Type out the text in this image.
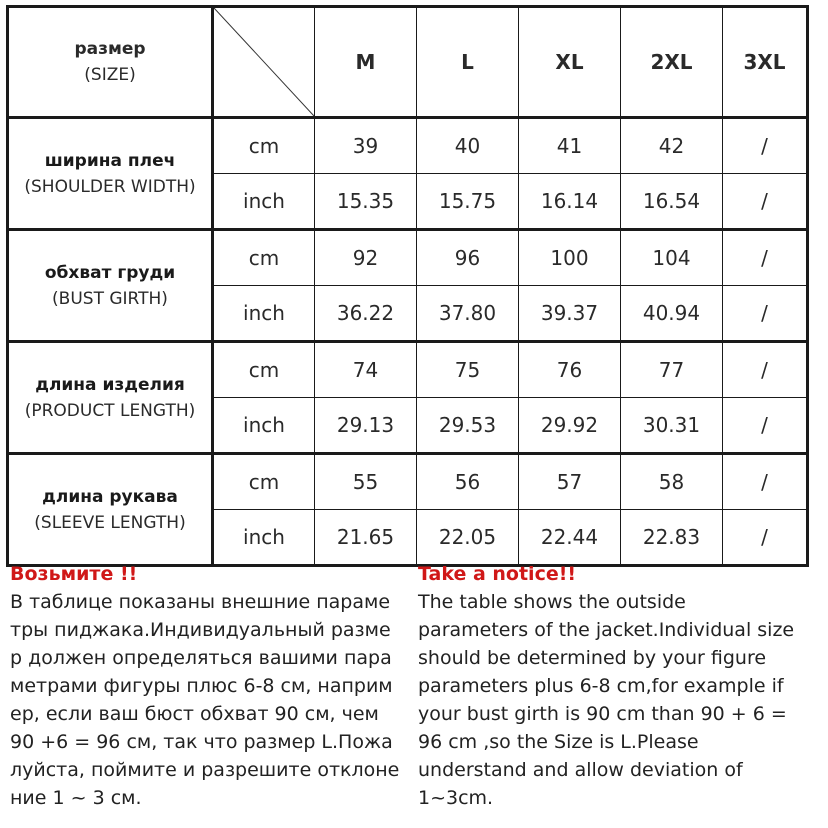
размер
(SIZE)		M	L	XL	2XL	3XL

ширина плеч
(SHOULDER WIDTH)	cm	39	40	41	42	/
	inch	15.35	15.75	16.14	16.54	/

обхват груди
(BUST GIRTH)	cm	92	96	100	104	/
	inch	36.22	37.80	39.37	40.94	/

длина изделия
(PRODUCT LENGTH)	cm	74	75	76	77	/
	inch	29.13	29.53	29.92	30.31	/

длина рукава
(SLEEVE LENGTH)	cm	55	56	57	58	/
	inch	21.65	22.05	22.44	22.83	/
Возьмите !!
В таблице показаны внешние параме
тры пиджака.Индивидуальный разме
р должен определяться вашими пара
метрами фигуры плюс 6-8 см, наприм
ер, если ваш бюст обхват 90 см, чем
90 +6 = 96 см, так что размер L.Пожа
луйста, поймите и разрешите отклоне
ние 1 ~ 3 см.
Take a notice!!
The table shows the outside
parameters of the jacket.Individual size
should be determined by your figure
parameters plus 6-8 cm,for example if
your bust girth is 90 cm than 90 + 6 =
96 cm ,so the Size is L.Please
understand and allow deviation of
1~3cm.
